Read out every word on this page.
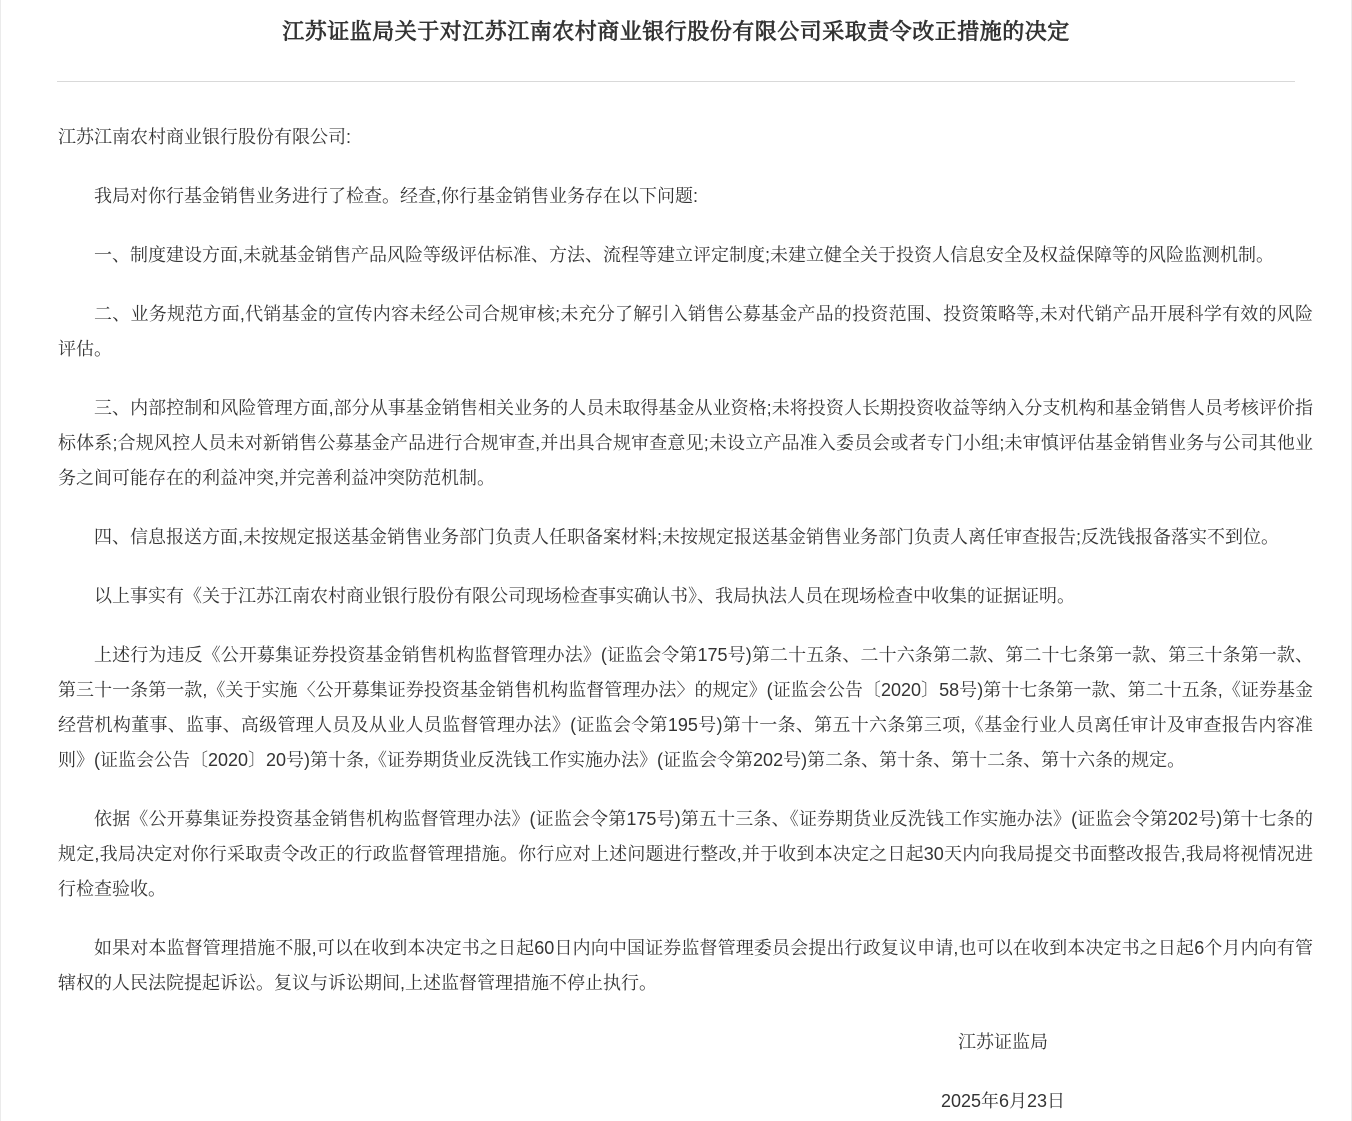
江苏证监局关于对江苏江南农村商业银行股份有限公司采取责令改正措施的决定

江苏江南农村商业银行股份有限公司:

我局对你行基金销售业务进行了检查。经查,你行基金销售业务存在以下问题:

一、制度建设方面,未就基金销售产品风险等级评估标准、方法、流程等建立评定制度;未建立健全关于投资人信息安全及权益保障等的风险监测机制。

二、业务规范方面,代销基金的宣传内容未经公司合规审核;未充分了解引入销售公募基金产品的投资范围、投资策略等,未对代销产品开展科学有效的风险评估。

三、内部控制和风险管理方面,部分从事基金销售相关业务的人员未取得基金从业资格;未将投资人长期投资收益等纳入分支机构和基金销售人员考核评价指标体系;合规风控人员未对新销售公募基金产品进行合规审查,并出具合规审查意见;未设立产品准入委员会或者专门小组;未审慎评估基金销售业务与公司其他业务之间可能存在的利益冲突,并完善利益冲突防范机制。

四、信息报送方面,未按规定报送基金销售业务部门负责人任职备案材料;未按规定报送基金销售业务部门负责人离任审查报告;反洗钱报备落实不到位。

以上事实有《关于江苏江南农村商业银行股份有限公司现场检查事实确认书》、我局执法人员在现场检查中收集的证据证明。

上述行为违反《公开募集证券投资基金销售机构监督管理办法》(证监会令第175号)第二十五条、二十六条第二款、第二十七条第一款、第三十条第一款、第三十一条第一款,《关于实施〈公开募集证券投资基金销售机构监督管理办法〉的规定》(证监会公告〔2020〕58号)第十七条第一款、第二十五条,《证券基金经营机构董事、监事、高级管理人员及从业人员监督管理办法》(证监会令第195号)第十一条、第五十六条第三项,《基金行业人员离任审计及审查报告内容准则》(证监会公告〔2020〕20号)第十条,《证券期货业反洗钱工作实施办法》(证监会令第202号)第二条、第十条、第十二条、第十六条的规定。

依据《公开募集证券投资基金销售机构监督管理办法》(证监会令第175号)第五十三条、《证券期货业反洗钱工作实施办法》(证监会令第202号)第十七条的规定,我局决定对你行采取责令改正的行政监督管理措施。你行应对上述问题进行整改,并于收到本决定之日起30天内向我局提交书面整改报告,我局将视情况进行检查验收。

如果对本监督管理措施不服,可以在收到本决定书之日起60日内向中国证券监督管理委员会提出行政复议申请,也可以在收到本决定书之日起6个月内向有管辖权的人民法院提起诉讼。复议与诉讼期间,上述监督管理措施不停止执行。

江苏证监局

2025年6月23日
